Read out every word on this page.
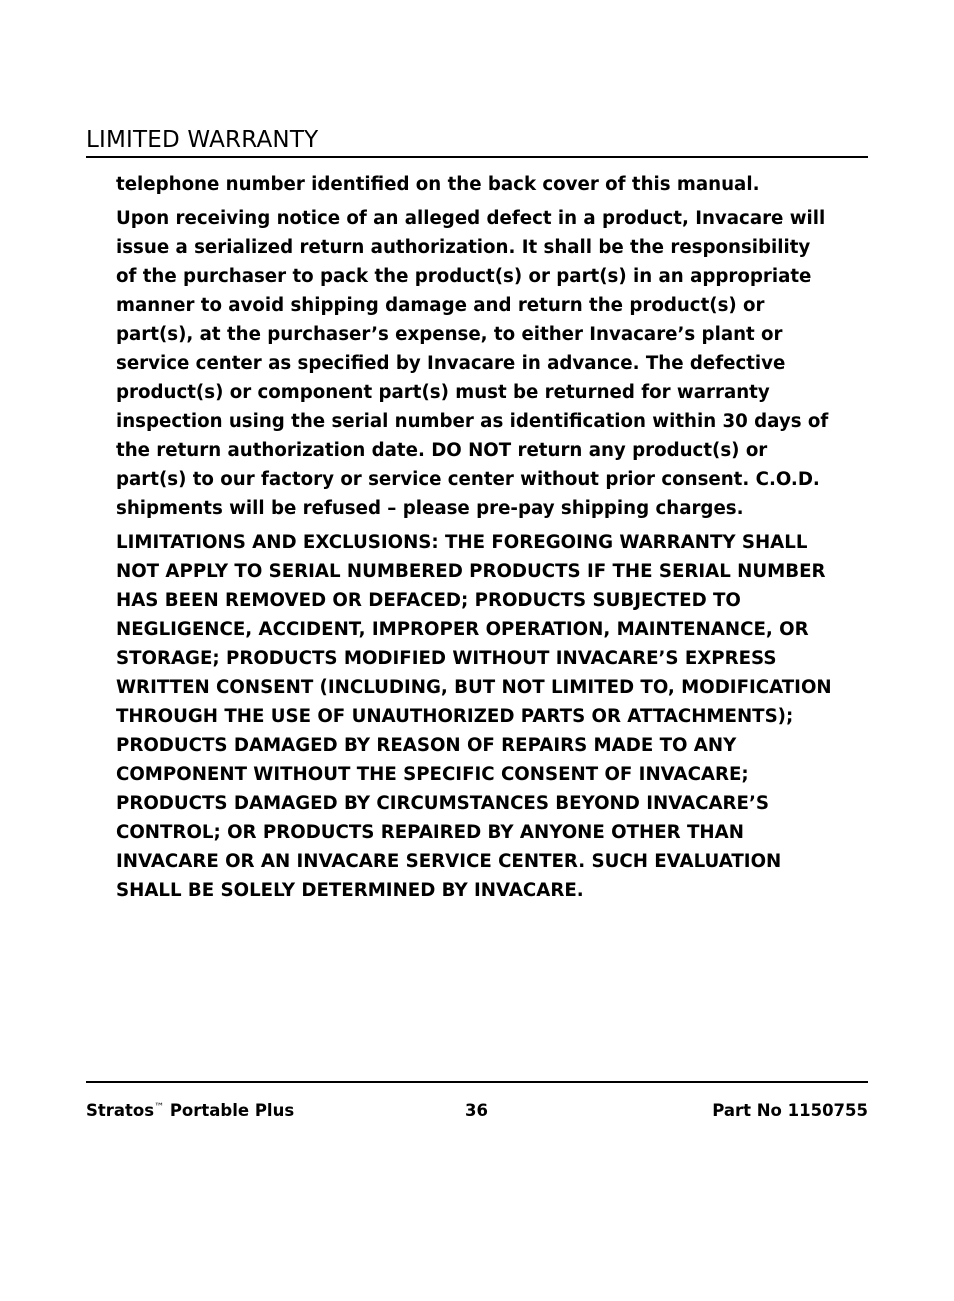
LIMITED WARRANTY

telephone number identified on the back cover of this manual.

Upon receiving notice of an alleged defect in a product, Invacare will issue a serialized return authorization. It shall be the responsibility of the purchaser to pack the product(s) or part(s) in an appropriate manner to avoid shipping damage and return the product(s) or part(s), at the purchaser’s expense, to either Invacare’s plant or service center as specified by Invacare in advance. The defective product(s) or component part(s) must be returned for warranty inspection using the serial number as identification within 30 days of the return authorization date. DO NOT return any product(s) or part(s) to our factory or service center without prior consent. C.O.D. shipments will be refused – please pre-pay shipping charges.

LIMITATIONS AND EXCLUSIONS: THE FOREGOING WARRANTY SHALL NOT APPLY TO SERIAL NUMBERED PRODUCTS IF THE SERIAL NUMBER HAS BEEN REMOVED OR DEFACED; PRODUCTS SUBJECTED TO NEGLIGENCE, ACCIDENT, IMPROPER OPERATION, MAINTENANCE, OR STORAGE; PRODUCTS MODIFIED WITHOUT INVACARE’S EXPRESS WRITTEN CONSENT (INCLUDING, BUT NOT LIMITED TO, MODIFICATION THROUGH THE USE OF UNAUTHORIZED PARTS OR ATTACHMENTS); PRODUCTS DAMAGED BY REASON OF REPAIRS MADE TO ANY COMPONENT WITHOUT THE SPECIFIC CONSENT OF INVACARE; PRODUCTS DAMAGED BY CIRCUMSTANCES BEYOND INVACARE’S CONTROL; OR PRODUCTS REPAIRED BY ANYONE OTHER THAN INVACARE OR AN INVACARE SERVICE CENTER. SUCH EVALUATION SHALL BE SOLELY DETERMINED BY INVACARE.

Stratos™ Portable Plus	36	Part No 1150755
